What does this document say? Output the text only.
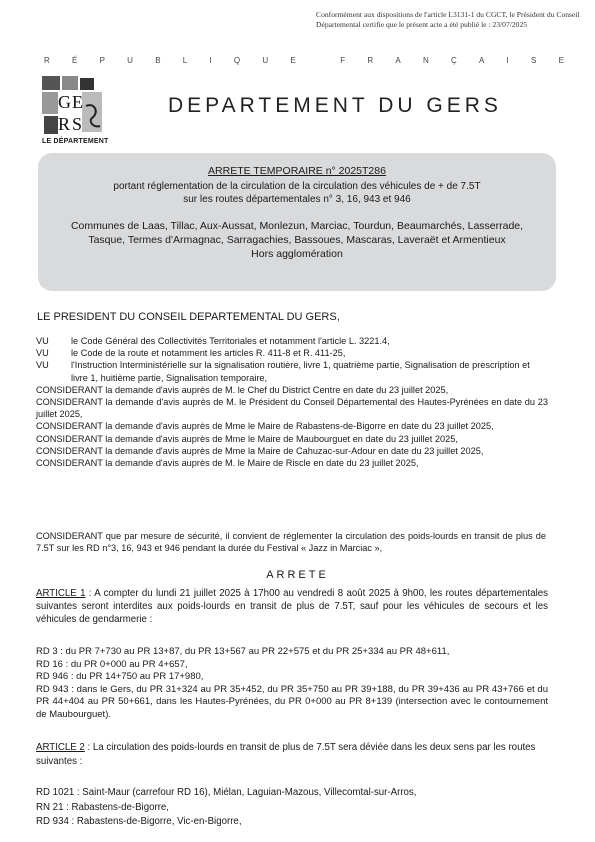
Conformément aux dispositions de l'article L3131-1 du CGCT, le Président du Conseil Départemental certifie que le présent acte a été publié le : 23/07/2025
R	É	P	U	B	L	I	Q	U	E	F	R	A	N	Ç	A	I	S	E
G E
R S
LE DÉPARTEMENT
DEPARTEMENT DU GERS
ARRETE TEMPORAIRE n° 2025T286
portant réglementation de la circulation de la circulation des véhicules de + de 7.5T
sur les routes départementales n° 3, 16, 943 et 946
Communes de Laas, Tillac, Aux-Aussat, Monlezun, Marciac, Tourdun, Beaumarchés, Lasserrade, Tasque, Termes d'Armagnac, Sarragachies, Bassoues, Mascaras, Laveraët et Armentieux
Hors agglomération
LE PRESIDENT DU CONSEIL DEPARTEMENTAL DU GERS,
VU	le Code Général des Collectivités Territoriales et notamment l'article L. 3221.4,
VU	le Code de la route et notamment les articles R. 411-8 et R. 411-25,
VU	l'Instruction Interministérielle sur la signalisation routière, livre 1, quatrième partie, Signalisation de prescription et livre 1, huitième partie, Signalisation temporaire,
CONSIDERANT la demande d'avis auprès de M. le Chef du District Centre en date du 23 juillet 2025,
CONSIDERANT la demande d'avis auprès de M. le Président du Conseil Départemental des Hautes-Pyrénées en date du 23 juillet 2025,
CONSIDERANT la demande d'avis auprès de Mme le Maire de Rabastens-de-Bigorre en date du 23 juillet 2025,
CONSIDERANT la demande d'avis auprès de Mme le Maire de Maubourguet en date du 23 juillet 2025,
CONSIDERANT la demande d'avis auprès de Mme la Maire de Cahuzac-sur-Adour en date du 23 juillet 2025,
CONSIDERANT la demande d'avis auprès de M. le Maire de Riscle en date du 23 juillet 2025,
CONSIDERANT que par mesure de sécurité, il convient de réglementer la circulation des poids-lourds en transit de plus de 7.5T sur les RD n°3, 16, 943 et 946 pendant la durée du Festival « Jazz in Marciac »,
ARRETE
ARTICLE 1 : A compter du lundi 21 juillet 2025 à 17h00 au vendredi 8 août 2025 à 9h00, les routes départementales suivantes seront interdites aux poids-lourds en transit de plus de 7.5T, sauf pour les véhicules de secours et les véhicules de gendarmerie :
RD 3 : du PR 7+730 au PR 13+87, du PR 13+567 au PR 22+575 et du PR 25+334 au PR 48+611,
RD 16 : du PR 0+000 au PR 4+657,
RD 946 : du PR 14+750 au PR 17+980,
RD 943 : dans le Gers, du PR 31+324 au PR 35+452, du PR 35+750 au PR 39+188, du PR 39+436 au PR 43+766 et du PR 44+404 au PR 50+661, dans les Hautes-Pyrénées, du PR 0+000 au PR 8+139 (intersection avec le contournement de Maubourguet).
ARTICLE 2 : La circulation des poids-lourds en transit de plus de 7.5T sera déviée dans les deux sens par les routes suivantes :
RD 1021 : Saint-Maur (carrefour RD 16), Miélan, Laguian-Mazous, Villecomtal-sur-Arros,
RN 21 : Rabastens-de-Bigorre,
RD 934 : Rabastens-de-Bigorre, Vic-en-Bigorre,
